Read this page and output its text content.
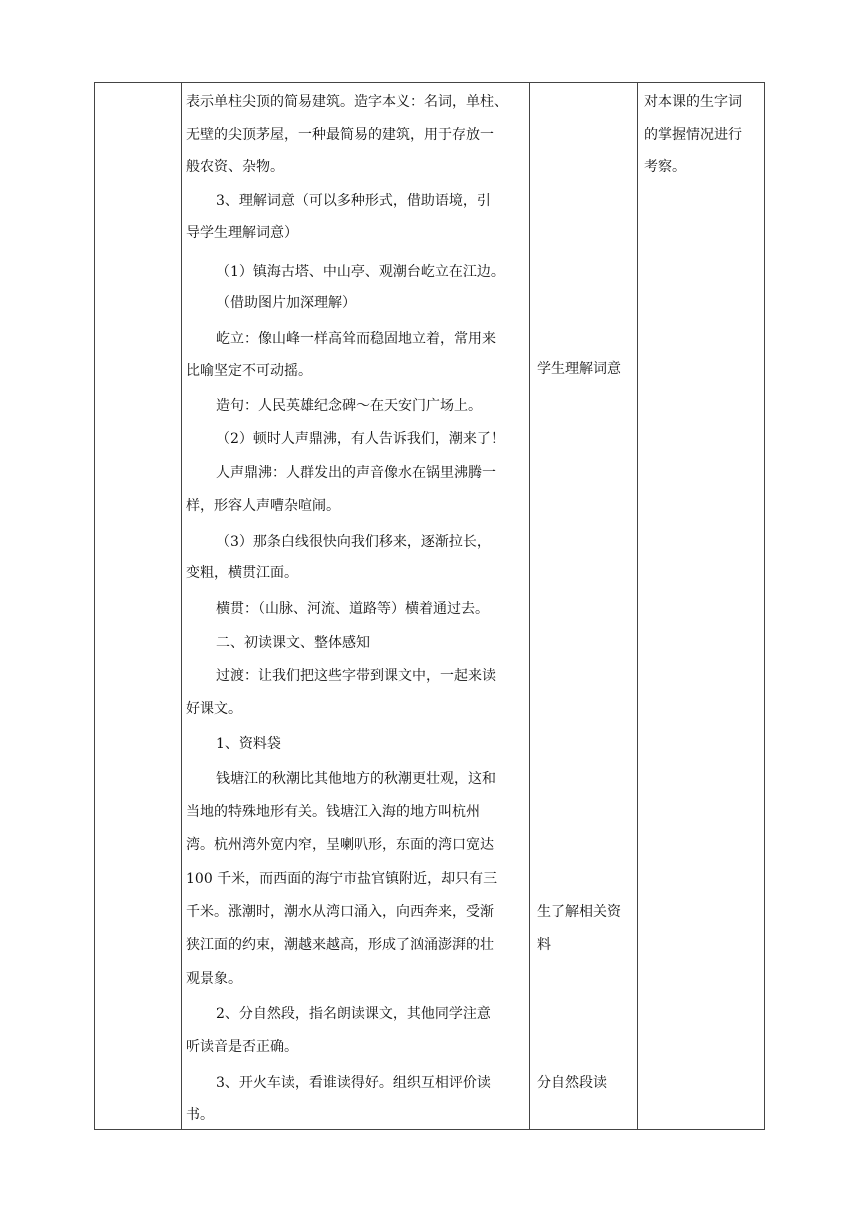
表示单柱尖顶的简易建筑。造字本义：名词，单柱、
无壁的尖顶茅屋，一种最简易的建筑，用于存放一
般农资、杂物。
3、理解词意（可以多种形式，借助语境，引
导学生理解词意）
（1）镇海古塔、中山亭、观潮台屹立在江边。
（借助图片加深理解）
屹立：像山峰一样高耸而稳固地立着，常用来
比喻坚定不可动摇。
造句：人民英雄纪念碑～在天安门广场上。
（2）顿时人声鼎沸，有人告诉我们，潮来了！
人声鼎沸：人群发出的声音像水在锅里沸腾一
样，形容人声嘈杂喧闹。
（3）那条白线很快向我们移来，逐渐拉长，
变粗，横贯江面。
横贯：（山脉、河流、道路等）横着通过去。
二、初读课文、整体感知
过渡：让我们把这些字带到课文中，一起来读
好课文。
1、资料袋
钱塘江的秋潮比其他地方的秋潮更壮观，这和
当地的特殊地形有关。钱塘江入海的地方叫杭州
湾。杭州湾外宽内窄，呈喇叭形，东面的湾口宽达
100 千米，而西面的海宁市盐官镇附近，却只有三
千米。涨潮时，潮水从湾口涌入，向西奔来，受渐
狭江面的约束，潮越来越高，形成了汹涌澎湃的壮
观景象。
2、分自然段，指名朗读课文，其他同学注意
听读音是否正确。
3、开火车读，看谁读得好。组织互相评价读
书。
学生理解词意
生了解相关资
料
分自然段读
对本课的生字词
的掌握情况进行
考察。
